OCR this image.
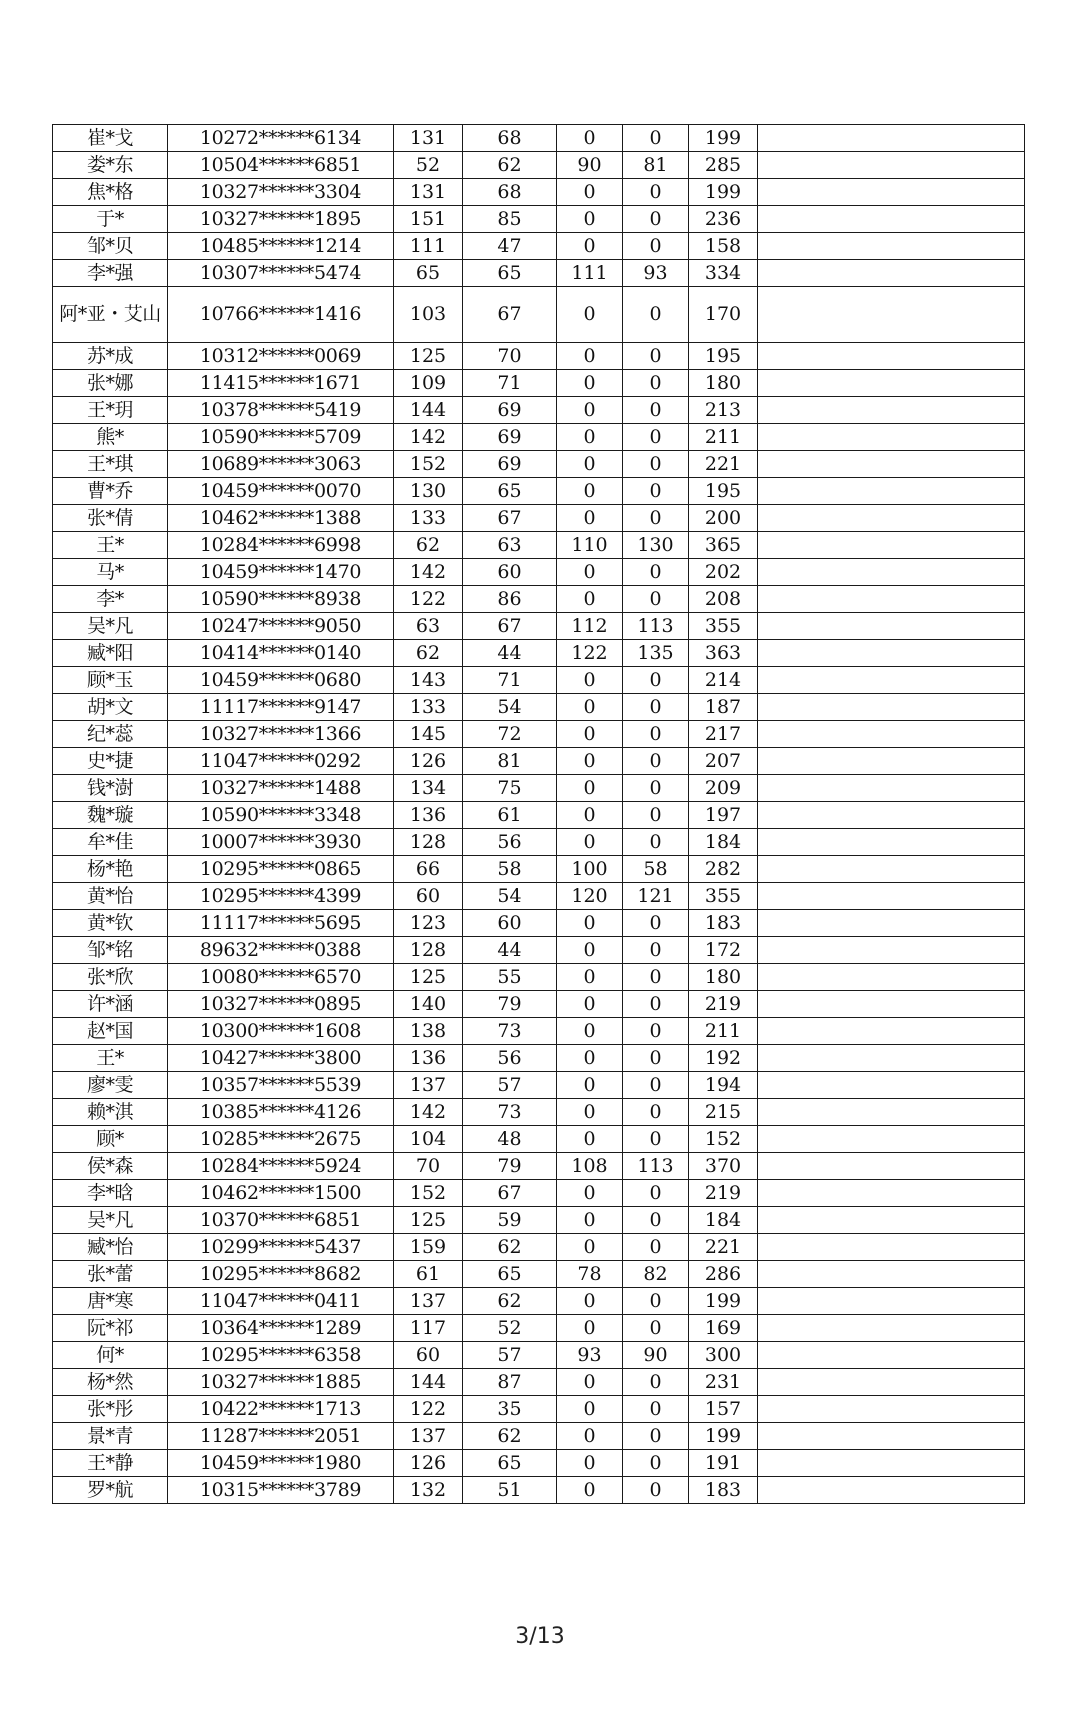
崔*戈	10272******6134	131	68	0	0	199	
娄*东	10504******6851	52	62	90	81	285	
焦*格	10327******3304	131	68	0	0	199	
于*	10327******1895	151	85	0	0	236	
邹*贝	10485******1214	111	47	0	0	158	
李*强	10307******5474	65	65	111	93	334	
阿*亚・艾山	10766******1416	103	67	0	0	170	
苏*成	10312******0069	125	70	0	0	195	
张*娜	11415******1671	109	71	0	0	180	
王*玥	10378******5419	144	69	0	0	213	
熊*	10590******5709	142	69	0	0	211	
王*琪	10689******3063	152	69	0	0	221	
曹*乔	10459******0070	130	65	0	0	195	
张*倩	10462******1388	133	67	0	0	200	
王*	10284******6998	62	63	110	130	365	
马*	10459******1470	142	60	0	0	202	
李*	10590******8938	122	86	0	0	208	
吴*凡	10247******9050	63	67	112	113	355	
臧*阳	10414******0140	62	44	122	135	363	
顾*玉	10459******0680	143	71	0	0	214	
胡*文	11117******9147	133	54	0	0	187	
纪*蕊	10327******1366	145	72	0	0	217	
史*捷	11047******0292	126	81	0	0	207	
钱*澍	10327******1488	134	75	0	0	209	
魏*璇	10590******3348	136	61	0	0	197	
牟*佳	10007******3930	128	56	0	0	184	
杨*艳	10295******0865	66	58	100	58	282	
黄*怡	10295******4399	60	54	120	121	355	
黄*钦	11117******5695	123	60	0	0	183	
邹*铭	89632******0388	128	44	0	0	172	
张*欣	10080******6570	125	55	0	0	180	
许*涵	10327******0895	140	79	0	0	219	
赵*国	10300******1608	138	73	0	0	211	
王*	10427******3800	136	56	0	0	192	
廖*雯	10357******5539	137	57	0	0	194	
赖*淇	10385******4126	142	73	0	0	215	
顾*	10285******2675	104	48	0	0	152	
侯*森	10284******5924	70	79	108	113	370	
李*晗	10462******1500	152	67	0	0	219	
吴*凡	10370******6851	125	59	0	0	184	
臧*怡	10299******5437	159	62	0	0	221	
张*蕾	10295******8682	61	65	78	82	286	
唐*寒	11047******0411	137	62	0	0	199	
阮*祁	10364******1289	117	52	0	0	169	
何*	10295******6358	60	57	93	90	300	
杨*然	10327******1885	144	87	0	0	231	
张*彤	10422******1713	122	35	0	0	157	
景*青	11287******2051	137	62	0	0	199	
王*静	10459******1980	126	65	0	0	191	
罗*航	10315******3789	132	51	0	0	183	
3/13
